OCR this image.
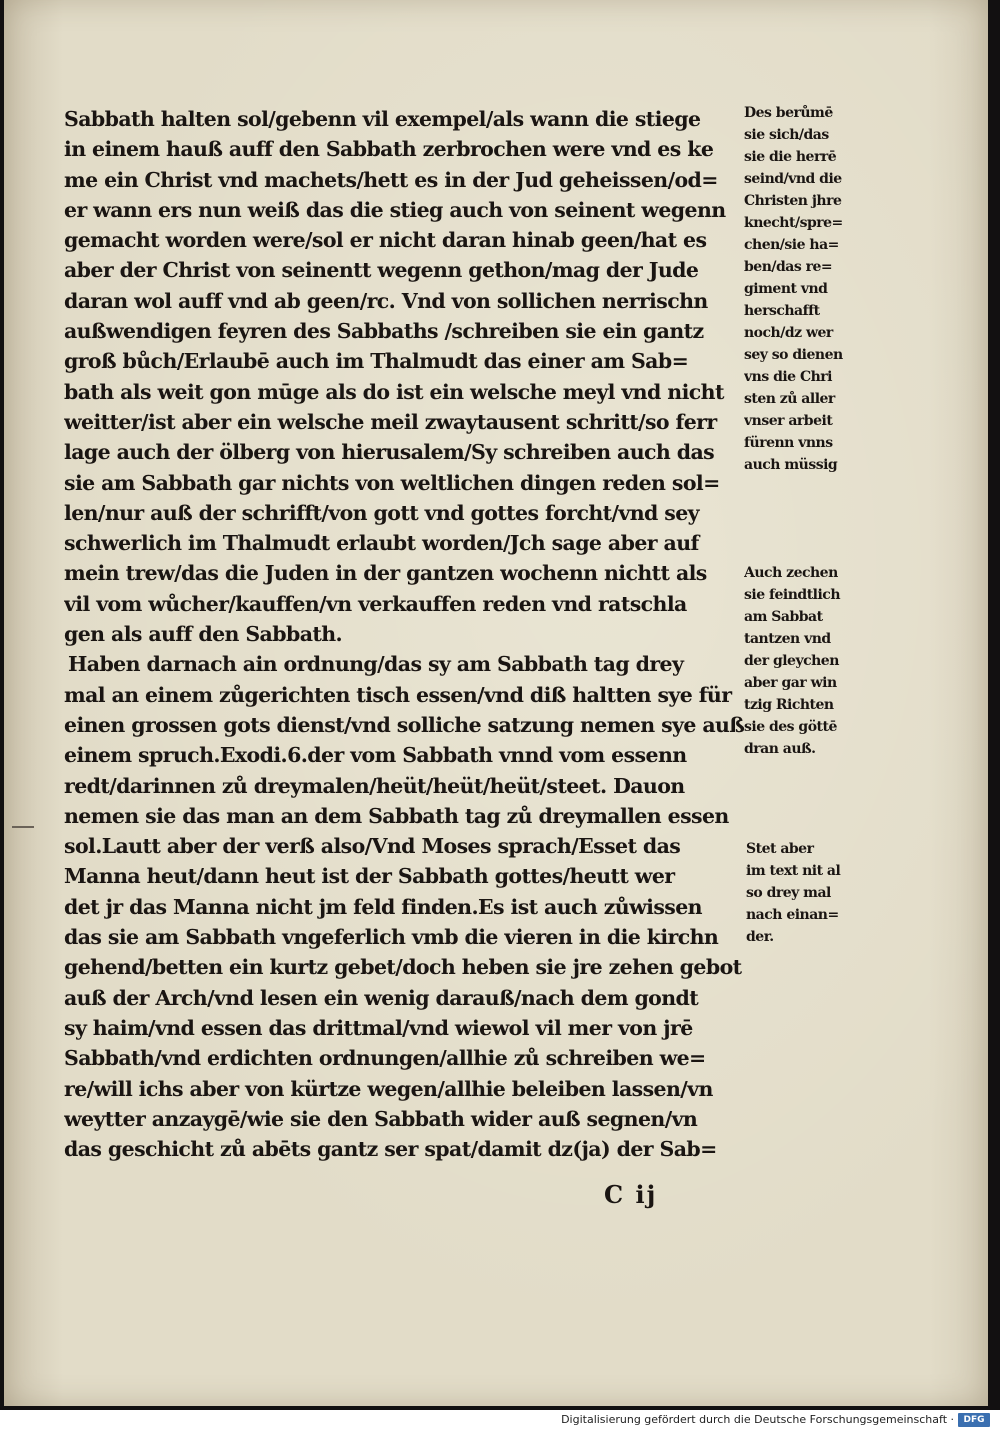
Sabbath halten sol/gebenn vil exempel/als wann die stiege
in einem hauß auff den Sabbath zerbrochen were vnd es ke
me ein Christ vnd machets/hett es in der Jud geheissen/od=
er wann ers nun weiß das die stieg auch von seinent wegenn
gemacht worden were/sol er nicht daran hinab geen/hat es
aber der Christ von seinentt wegenn gethon/mag der Jude
daran wol auff vnd ab geen/rc. Vnd von sollichen nerrischn
außwendigen feyren des Sabbaths /schreiben sie ein gantz
groß bůch/Erlaubē auch im Thalmudt das einer am Sab=
bath als weit gon mūge als do ist ein welsche meyl vnd nicht
weitter/ist aber ein welsche meil zwaytausent schritt/so ferr
lage auch der ölberg von hierusalem/Sy schreiben auch das
sie am Sabbath gar nichts von weltlichen dingen reden sol=
len/nur auß der schrifft/von gott vnd gottes forcht/vnd sey
schwerlich im Thalmudt erlaubt worden/Jch sage aber auf
mein trew/das die Juden in der gantzen wochenn nichtt als
vil vom wůcher/kauffen/vn verkauffen reden vnd ratschla
gen als auff den Sabbath.
Haben darnach ain ordnung/das sy am Sabbath tag drey
mal an einem zůgerichten tisch essen/vnd diß haltten sye für
einen grossen gots dienst/vnd solliche satzung nemen sye auß
einem spruch.Exodi.6.der vom Sabbath vnnd vom essenn
redt/darinnen zů dreymalen/heüt/heüt/heüt/steet. Dauon
nemen sie das man an dem Sabbath tag zů dreymallen essen
sol.Lautt aber der verß also/Vnd Moses sprach/Esset das
Manna heut/dann heut ist der Sabbath gottes/heutt wer
det jr das Manna nicht jm feld finden.Es ist auch zůwissen
das sie am Sabbath vngeferlich vmb die vieren in die kirchn
gehend/betten ein kurtz gebet/doch heben sie jre zehen gebot
auß der Arch/vnd lesen ein wenig darauß/nach dem gondt
sy haim/vnd essen das drittmal/vnd wiewol vil mer von jrē
Sabbath/vnd erdichten ordnungen/allhie zů schreiben we=
re/will ichs aber von kürtze wegen/allhie beleiben lassen/vn
weytter anzaygē/wie sie den Sabbath wider auß segnen/vn
das geschicht zů abēts gantz ser spat/damit dz(ja) der Sab=
C ij
Des berůmē
sie sich/das
sie die herrē
seind/vnd die
Christen jhre
knecht/spre=
chen/sie ha=
ben/das re=
giment vnd
herschafft
noch/dz wer
sey so dienen
vns die Chri
sten zů aller
vnser arbeit
fürenn vnns
auch müssig
Auch zechen
sie feindtlich
am Sabbat
tantzen vnd
der gleychen
aber gar win
tzig Richten
sie des göttē
dran auß.
Stet aber
im text nit al
so drey mal
nach einan=
der.
Digitalisierung gefördert durch die Deutsche Forschungsgemeinschaft ·	DFG
